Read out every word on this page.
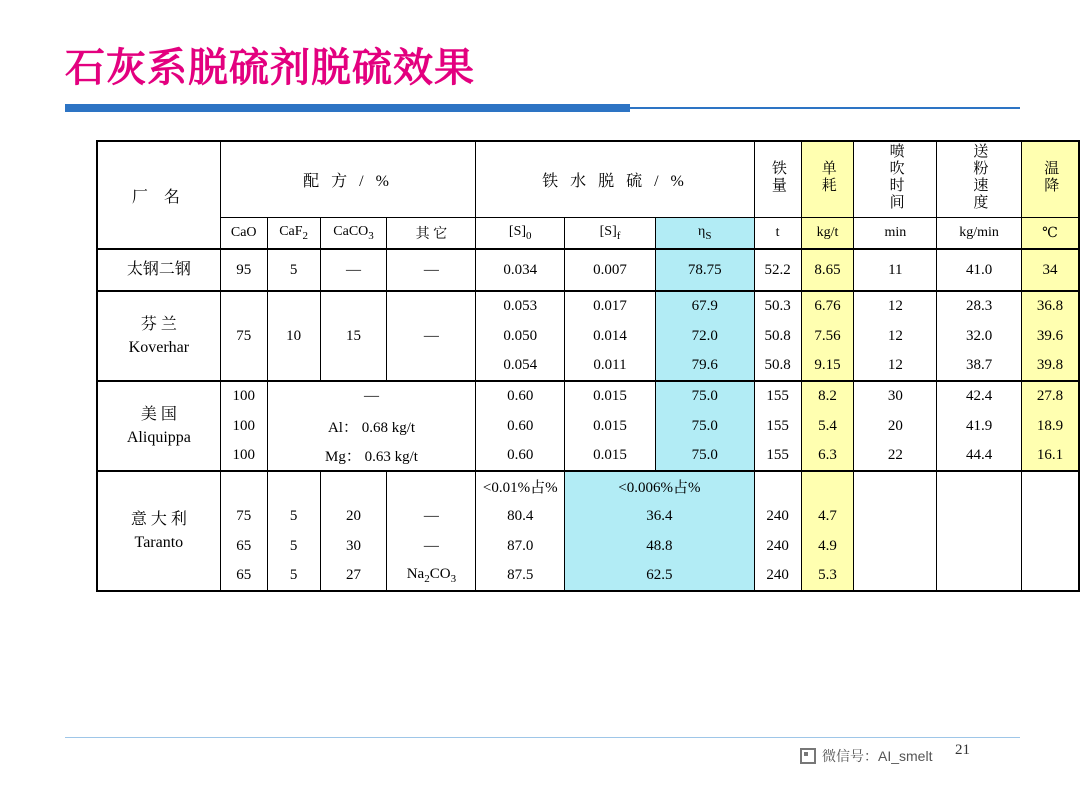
石灰系脱硫剂脱硫效果
厂 名	配 方 / %				铁 水 脱 硫 / %			铁量	单耗	喷吹时间	送粉速度	温降
	CaO	CaF$_2$	CaCO$_3$	其 它	$[S]_0$	$[S]_f$	$\eta_S$	t	kg/t	min	kg/min	℃
太钢二钢	95	5	—	—	0.034	0.007	78.75	52.2	8.65	11	41.0	34

芬 兰
Koverhar	75	10	15	—	0.053	0.017	67.9	50.3	6.76	12	28.3	36.8
					0.050	0.014	72.0	50.8	7.56	12	32.0	39.6
					0.054	0.011	79.6	50.8	9.15	12	38.7	39.8

美 国
Aliquippa	100	—			0.60	0.015	75.0	155	8.2	30	42.4	27.8
	100	Al： 0.68 kg/t			0.60	0.015	75.0	155	5.4	20	41.9	18.9
	100	Mg： 0.63 kg/t			0.60	0.015	75.0	155	6.3	22	44.4	16.1
					<0.01%占%	<0.006%占%						

意 大 利
Taranto	75	5	20	—	80.4	36.4		240	4.7			
	65	5	30	—	87.0	48.8		240	4.9			
	65	5	27	$Na_2CO_3$	87.5	62.5		240	5.3			
微信号：AI_smelt 21
